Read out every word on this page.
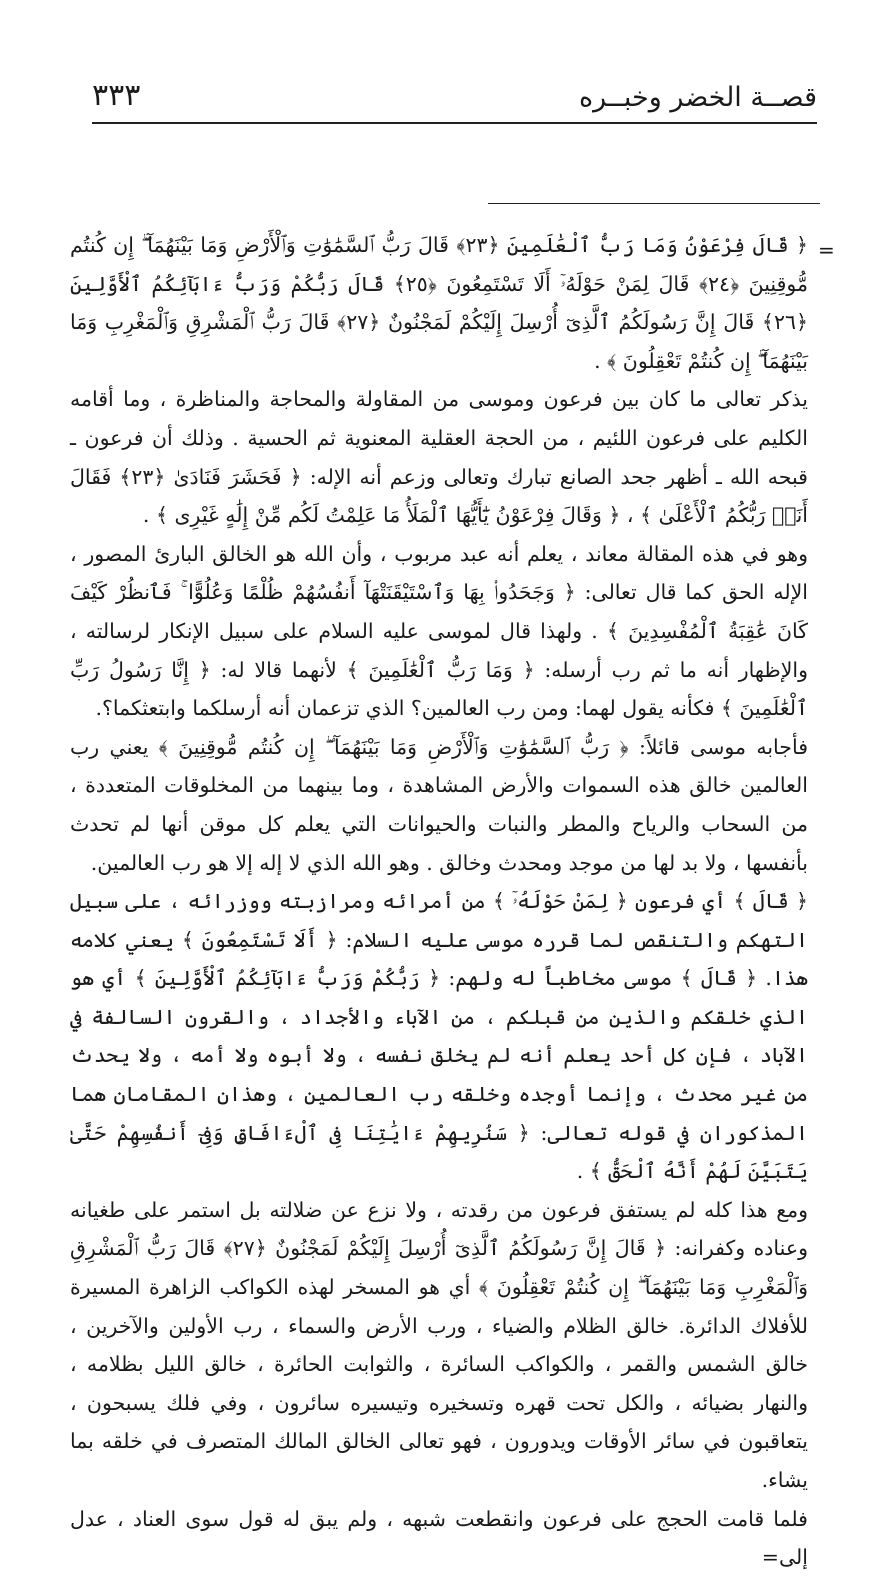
قصــة الخضر وخبــره
٣٣٣
=

﴿ قَالَ فِرْعَوْنُ وَمَا رَبُّ ٱلْعَٰلَمِينَ ﴿٢٣﴾ قَالَ رَبُّ ٱلسَّمَٰوَٰتِ وَٱلْأَرْضِ وَمَا بَيْنَهُمَآ ۖ إِن كُنتُم مُّوقِنِينَ ﴿٢٤﴾ قَالَ لِمَنْ حَوْلَهُۥٓ أَلَا تَسْتَمِعُونَ ﴿٢٥﴾ قَالَ رَبُّكُمْ وَرَبُّ ءَابَآئِكُمُ ٱلْأَوَّلِينَ ﴿٢٦﴾ قَالَ إِنَّ رَسُولَكُمُ ٱلَّذِىٓ أُرْسِلَ إِلَيْكُمْ لَمَجْنُونٌ ﴿٢٧﴾ قَالَ رَبُّ ٱلْمَشْرِقِ وَٱلْمَغْرِبِ وَمَا بَيْنَهُمَآ ۖ إِن كُنتُمْ تَعْقِلُونَ ﴾ .

يذكر تعالى ما كان بين فرعون وموسى من المقاولة والمحاجة والمناظرة ، وما أقامه الكليم على فرعون اللئيم ، من الحجة العقلية المعنوية ثم الحسية . وذلك أن فرعون ـ قبحه الله ـ أظهر جحد الصانع تبارك وتعالى وزعم أنه الإله: ﴿ فَحَشَرَ فَنَادَىٰ ﴿٢٣﴾ فَقَالَ أَنَا۠ رَبُّكُمُ ٱلْأَعْلَىٰ ﴾ ، ﴿ وَقَالَ فِرْعَوْنُ يَٰٓأَيُّهَا ٱلْمَلَأُ مَا عَلِمْتُ لَكُم مِّنْ إِلَٰهٍ غَيْرِى ﴾ .

وهو في هذه المقالة معاند ، يعلم أنه عبد مربوب ، وأن الله هو الخالق البارئ المصور ، الإله الحق كما قال تعالى: ﴿ وَجَحَدُوا۟ بِهَا وَٱسْتَيْقَنَتْهَآ أَنفُسُهُمْ ظُلْمًا وَعُلُوًّا ۚ فَٱنظُرْ كَيْفَ كَانَ عَٰقِبَةُ ٱلْمُفْسِدِينَ ﴾ . ولهذا قال لموسى عليه السلام على سبيل الإنكار لرسالته ، والإظهار أنه ما ثم رب أرسله: ﴿ وَمَا رَبُّ ٱلْعَٰلَمِينَ ﴾ لأنهما قالا له: ﴿ إِنَّا رَسُولُ رَبِّ ٱلْعَٰلَمِينَ ﴾ فكأنه يقول لهما: ومن رب العالمين؟ الذي تزعمان أنه أرسلكما وابتعثكما؟.

فأجابه موسى قائلاً: ﴿ رَبُّ ٱلسَّمَٰوَٰتِ وَٱلْأَرْضِ وَمَا بَيْنَهُمَآ ۖ إِن كُنتُم مُّوقِنِينَ ﴾ يعني رب العالمين خالق هذه السموات والأرض المشاهدة ، وما بينهما من المخلوقات المتعددة ، من السحاب والرياح والمطر والنبات والحيوانات التي يعلم كل موقن أنها لم تحدث بأنفسها ، ولا بد لها من موجد ومحدث وخالق . وهو الله الذي لا إله إلا هو رب العالمين.

﴿ قَالَ ﴾ أي فرعون ﴿ لِمَنْ حَوْلَهُۥٓ ﴾ من أمرائه ومرازبته ووزرائه ، على سبيل التهكم والتنقص لما قرره موسى عليه السلام: ﴿ أَلَا تَسْتَمِعُونَ ﴾ يعني كلامه هذا. ﴿ قَالَ ﴾ موسى مخاطباً له ولهم: ﴿ رَبُّكُمْ وَرَبُّ ءَابَآئِكُمُ ٱلْأَوَّلِينَ ﴾ أي هو الذي خلقكم والذين من قبلكم ، من الآباء والأجداد ، والقرون السالفة في الآباد ، فإن كل أحد يعلم أنه لم يخلق نفسه ، ولا أبوه ولا أمه ، ولا يحدث من غير محدث ، وإنما أوجده وخلقه رب العالمين ، وهذان المقامان هما المذكوران في قوله تعالى: ﴿ سَنُرِيهِمْ ءَايَٰتِنَا فِى ٱلْءَافَاقِ وَفِىٓ أَنفُسِهِمْ حَتَّىٰ يَتَبَيَّنَ لَهُمْ أَنَّهُ ٱلْحَقُّ ﴾ .

ومع هذا كله لم يستفق فرعون من رقدته ، ولا نزع عن ضلالته بل استمر على طغيانه وعناده وكفرانه: ﴿ قَالَ إِنَّ رَسُولَكُمُ ٱلَّذِىٓ أُرْسِلَ إِلَيْكُمْ لَمَجْنُونٌ ﴿٢٧﴾ قَالَ رَبُّ ٱلْمَشْرِقِ وَٱلْمَغْرِبِ وَمَا بَيْنَهُمَآ ۖ إِن كُنتُمْ تَعْقِلُونَ ﴾ أي هو المسخر لهذه الكواكب الزاهرة المسيرة للأفلاك الدائرة. خالق الظلام والضياء ، ورب الأرض والسماء ، رب الأولين والآخرين ، خالق الشمس والقمر ، والكواكب السائرة ، والثوابت الحائرة ، خالق الليل بظلامه ، والنهار بضيائه ، والكل تحت قهره وتسخيره وتيسيره سائرون ، وفي فلك يسبحون ، يتعاقبون في سائر الأوقات ويدورون ، فهو تعالى الخالق المالك المتصرف في خلقه بما يشاء.

فلما قامت الحجج على فرعون وانقطعت شبهه ، ولم يبق له قول سوى العناد ، عدل إلى=
